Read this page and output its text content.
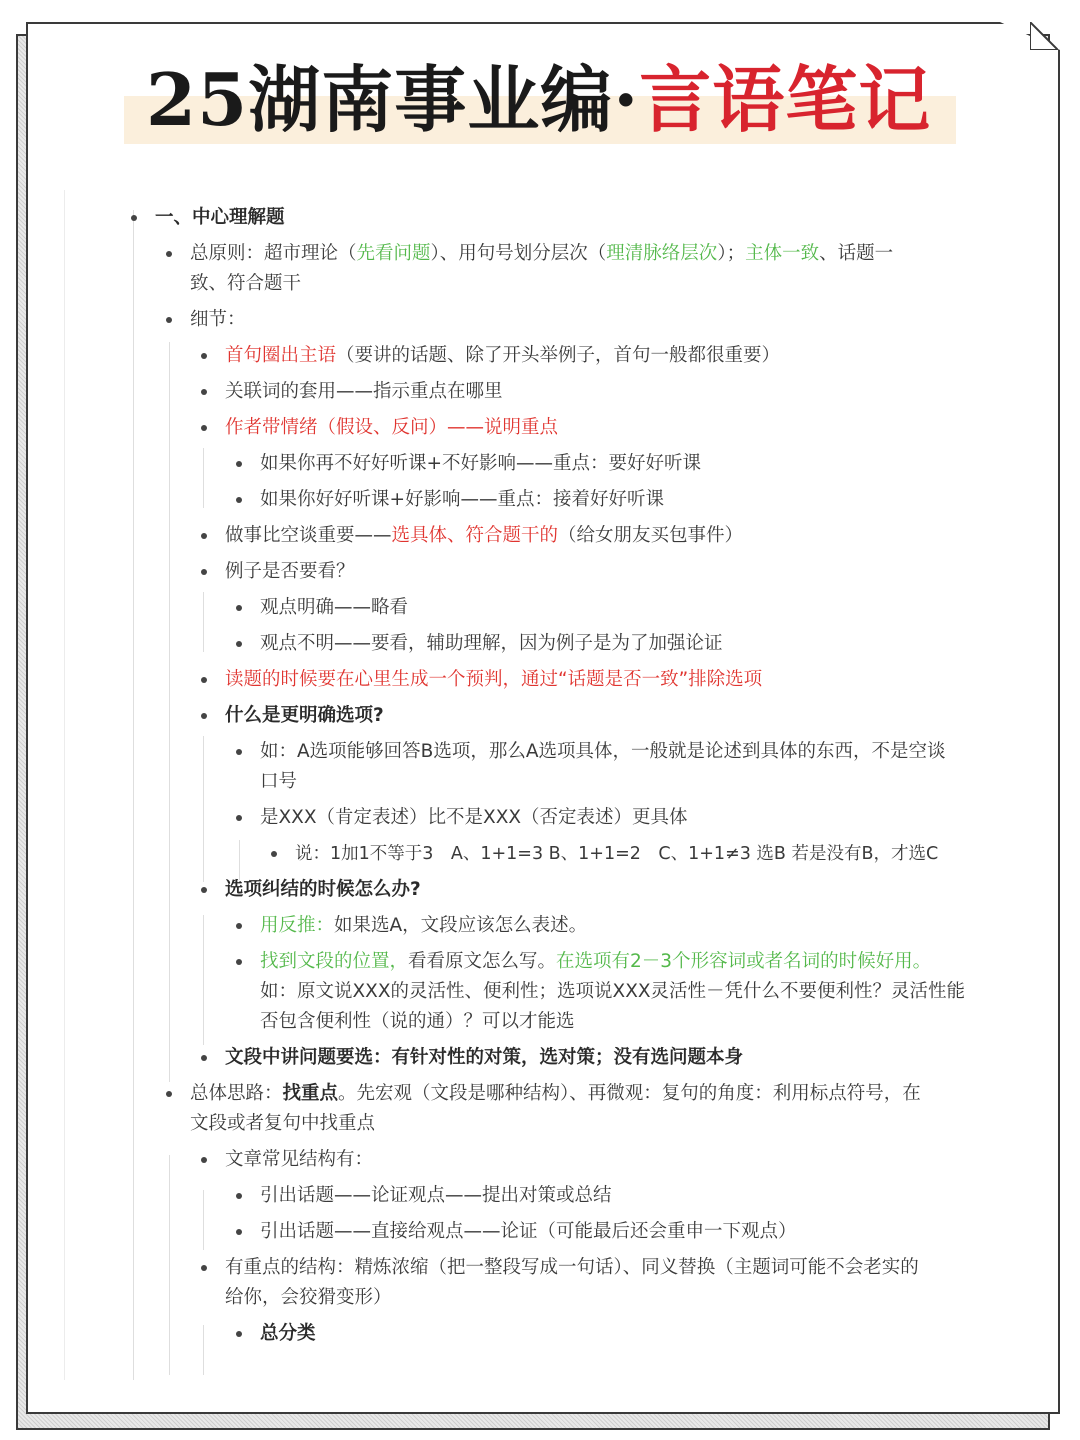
25湖南事业编·言语笔记
一、中心理解题
总原则：超市理论（先看问题）、用句号划分层次（理清脉络层次）；主体一致、话题一
致、符合题干
细节：
首句圈出主语（要讲的话题、除了开头举例子，首句一般都很重要）
关联词的套用——指示重点在哪里
作者带情绪（假设、反问）——说明重点
如果你再不好好听课+不好影响——重点：要好好听课
如果你好好听课+好影响——重点：接着好好听课
做事比空谈重要——选具体、符合题干的（给女朋友买包事件）
例子是否要看？
观点明确——略看
观点不明——要看，辅助理解，因为例子是为了加强论证
读题的时候要在心里生成一个预判，通过“话题是否一致”排除选项
什么是更明确选项?
如：A选项能够回答B选项，那么A选项具体，一般就是论述到具体的东西，不是空谈
口号
是XXX（肯定表述）比不是XXX（否定表述）更具体
说：1加1不等于3　A、1+1=3 B、1+1=2　C、1+1≠3 选B 若是没有B，才选C
选项纠结的时候怎么办?
用反推：如果选A，文段应该怎么表述。
找到文段的位置，看看原文怎么写。在选项有2－3个形容词或者名词的时候好用。
如：原文说XXX的灵活性、便利性；选项说XXX灵活性－凭什么不要便利性？灵活性能
否包含便利性（说的通）？可以才能选
文段中讲问题要选：有针对性的对策，选对策；没有选问题本身
总体思路：找重点。先宏观（文段是哪种结构）、再微观：复句的角度：利用标点符号，在
文段或者复句中找重点
文章常见结构有：
引出话题——论证观点——提出对策或总结
引出话题——直接给观点——论证（可能最后还会重申一下观点）
有重点的结构：精炼浓缩（把一整段写成一句话）、同义替换（主题词可能不会老实的
给你，会狡猾变形）
总分类
